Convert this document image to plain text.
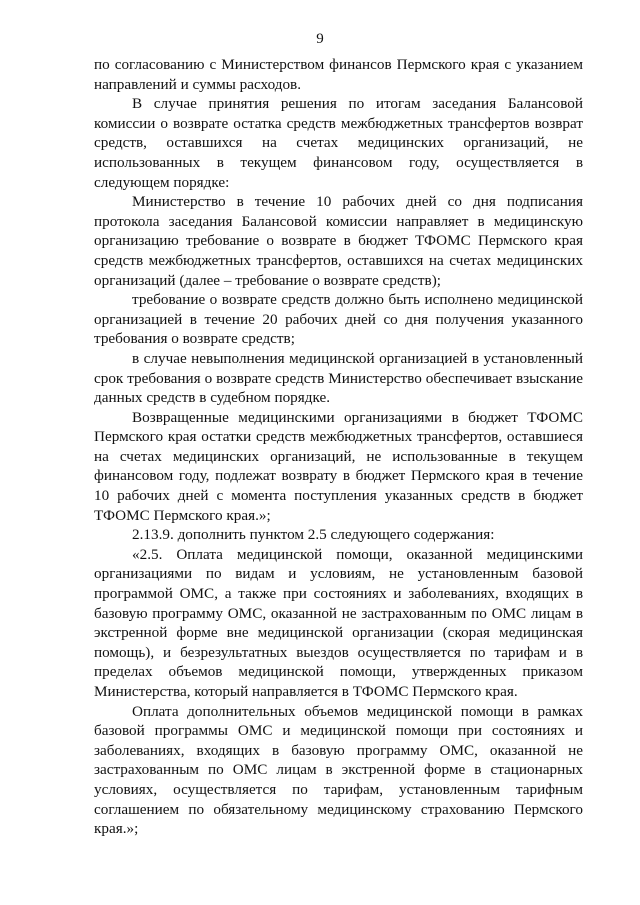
9

по согласованию с Министерством финансов Пермского края с указанием направлений и суммы расходов.

В случае принятия решения по итогам заседания Балансовой комиссии о возврате остатка средств межбюджетных трансфертов возврат средств, оставшихся на счетах медицинских организаций, не использованных в текущем финансовом году, осуществляется в следующем порядке:

Министерство в течение 10 рабочих дней со дня подписания протокола заседания Балансовой комиссии направляет в медицинскую организацию требование о возврате в бюджет ТФОМС Пермского края средств межбюджетных трансфертов, оставшихся на счетах медицинских организаций (далее – требование о возврате средств);

требование о возврате средств должно быть исполнено медицинской организацией в течение 20 рабочих дней со дня получения указанного требования о возврате средств;

в случае невыполнения медицинской организацией в установленный срок требования о возврате средств Министерство обеспечивает взыскание данных средств в судебном порядке.

Возвращенные медицинскими организациями в бюджет ТФОМС Пермского края остатки средств межбюджетных трансфертов, оставшиеся на счетах медицинских организаций, не использованные в текущем финансовом году, подлежат возврату в бюджет Пермского края в течение 10 рабочих дней с момента поступления указанных средств в бюджет ТФОМС Пермского края.»;

2.13.9. дополнить пунктом 2.5 следующего содержания:

«2.5. Оплата медицинской помощи, оказанной медицинскими организациями по видам и условиям, не установленным базовой программой ОМС, а также при состояниях и заболеваниях, входящих в базовую программу ОМС, оказанной не застрахованным по ОМС лицам в экстренной форме вне медицинской организации (скорая медицинская помощь), и безрезультатных выездов осуществляется по тарифам и в пределах объемов медицинской помощи, утвержденных приказом Министерства, который направляется в ТФОМС Пермского края.

Оплата дополнительных объемов медицинской помощи в рамках базовой программы ОМС и медицинской помощи при состояниях и заболеваниях, входящих в базовую программу ОМС, оказанной не застрахованным по ОМС лицам в экстренной форме в стационарных условиях, осуществляется по тарифам, установленным тарифным соглашением по обязательному медицинскому страхованию Пермского края.»;
